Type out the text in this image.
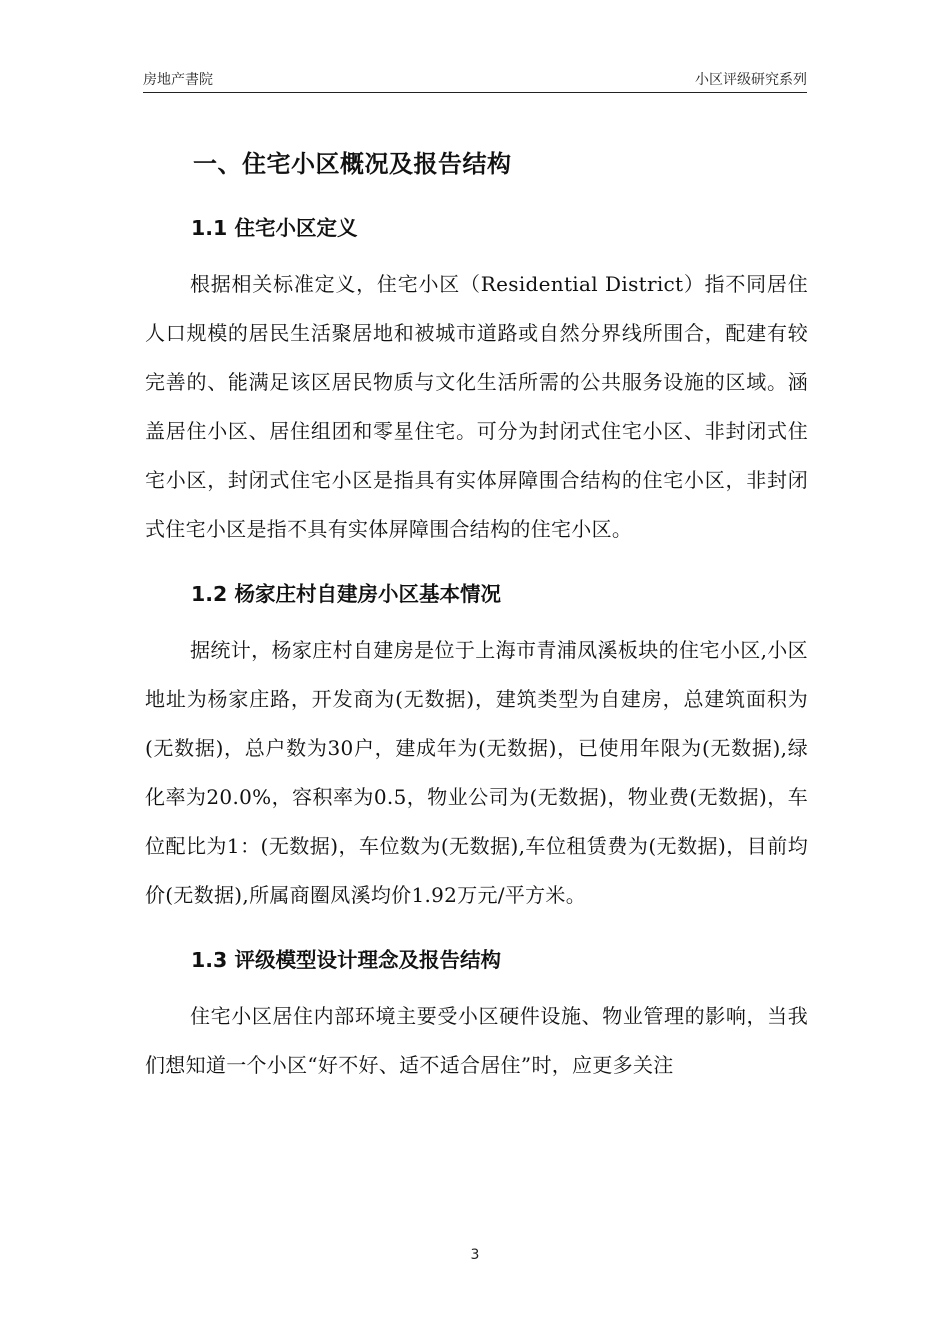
房地产書院	小区评级研究系列
一、住宅小区概况及报告结构
1.1 住宅小区定义

根据相关标准定义，住宅小区（Residential District）指不同居住人口规模的居民生活聚居地和被城市道路或自然分界线所围合，配建有较完善的、能满足该区居民物质与文化生活所需的公共服务设施的区域。涵盖居住小区、居住组团和零星住宅。可分为封闭式住宅小区、非封闭式住宅小区，封闭式住宅小区是指具有实体屏障围合结构的住宅小区，非封闭式住宅小区是指不具有实体屏障围合结构的住宅小区。

1.2 杨家庄村自建房小区基本情况

据统计，杨家庄村自建房是位于上海市青浦凤溪板块的住宅小区,小区地址为杨家庄路，开发商为(无数据)，建筑类型为自建房，总建筑面积为(无数据)，总户数为30户，建成年为(无数据)，已使用年限为(无数据),绿化率为20.0%，容积率为0.5，物业公司为(无数据)，物业费(无数据)，车位配比为1：(无数据)，车位数为(无数据),车位租赁费为(无数据)，目前均价(无数据),所属商圈凤溪均价1.92万元/平方米。

1.3 评级模型设计理念及报告结构

住宅小区居住内部环境主要受小区硬件设施、物业管理的影响，当我们想知道一个小区“好不好、适不适合居住”时，应更多关注

3
